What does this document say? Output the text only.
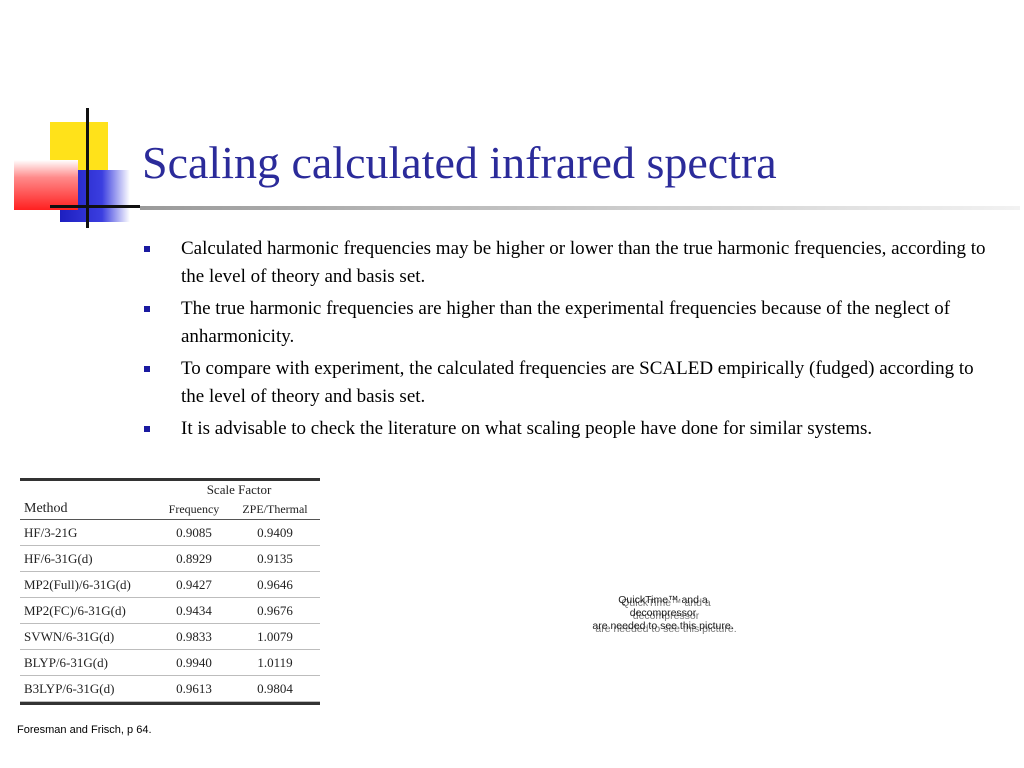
Scaling calculated infrared spectra
Calculated harmonic frequencies may be higher or lower than the true harmonic frequencies, according to the level of theory and basis set.
The true harmonic frequencies are higher than the experimental frequencies because of the neglect of anharmonicity.
To compare with experiment, the calculated frequencies are SCALED empirically (fudged) according to the level of theory and basis set.
It is advisable to check the literature on what scaling people have done for similar systems.
	Scale Factor	
Method	Frequency	ZPE/Thermal
HF/3-21G	0.9085	0.9409
HF/6-31G(d)	0.8929	0.9135
MP2(Full)/6-31G(d)	0.9427	0.9646
MP2(FC)/6-31G(d)	0.9434	0.9676
SVWN/6-31G(d)	0.9833	1.0079
BLYP/6-31G(d)	0.9940	1.0119
B3LYP/6-31G(d)	0.9613	0.9804
QuickTime™ and a
decompressor
are needed to see this picture.
Foresman and Frisch, p 64.
